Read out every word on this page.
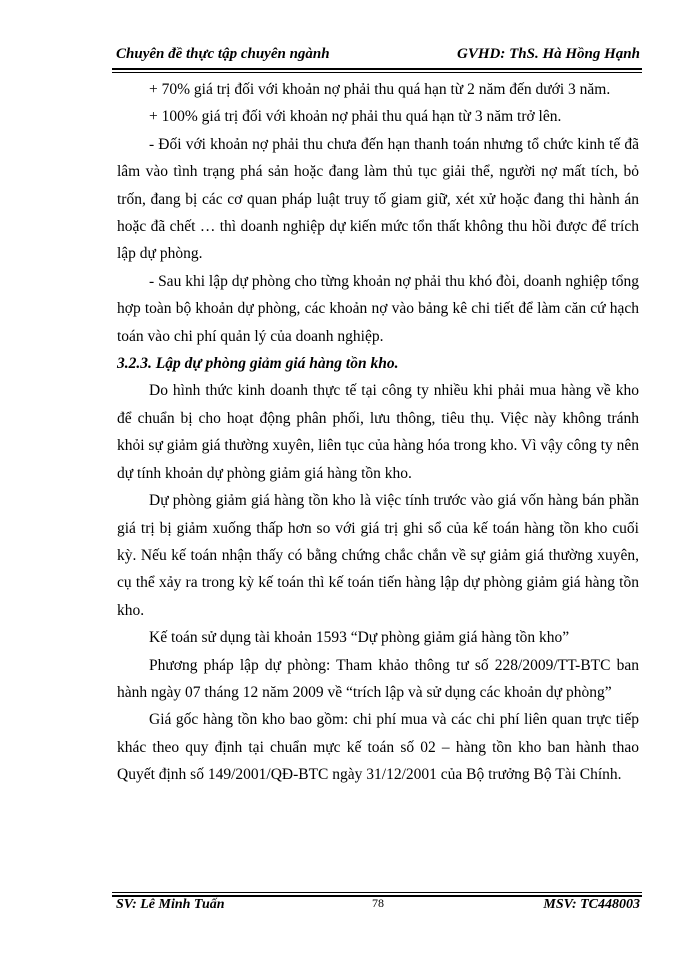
Chuyên đề thực tập chuyên ngành	GVHD: ThS. Hà Hồng Hạnh

+ 70% giá trị đối với khoản nợ phải thu quá hạn từ 2 năm đến dưới 3 năm.

+ 100% giá trị đối với khoản nợ phải thu quá hạn từ 3 năm trở lên.

- Đối với khoản nợ phải thu chưa đến hạn thanh toán nhưng tổ chức kinh tế đã lâm vào tình trạng phá sản hoặc đang làm thủ tục giải thể, người nợ mất tích, bỏ trốn, đang bị các cơ quan pháp luật truy tố giam giữ, xét xử hoặc đang thi hành án hoặc đã chết … thì doanh nghiệp dự kiến mức tổn thất không thu hồi được để trích lập dự phòng.

- Sau khi lập dự phòng cho từng khoản nợ phải thu khó đòi, doanh nghiệp tổng hợp toàn bộ khoản dự phòng, các khoản nợ vào bảng kê chi tiết để làm căn cứ hạch toán vào chi phí quản lý của doanh nghiệp.

3.2.3. Lập dự phòng giảm giá hàng tồn kho.

Do hình thức kinh doanh thực tế tại công ty nhiều khi phải mua hàng về kho để chuẩn bị cho hoạt động phân phối, lưu thông, tiêu thụ. Việc này không tránh khỏi sự giảm giá thường xuyên, liên tục của hàng hóa trong kho. Vì vậy công ty nên dự tính khoản dự phòng giảm giá hàng tồn kho.

Dự phòng giảm giá hàng tồn kho là việc tính trước vào giá vốn hàng bán phần giá trị bị giảm xuống thấp hơn so với giá trị ghi sổ của kế toán hàng tồn kho cuối kỳ. Nếu kế toán nhận thấy có bằng chứng chắc chắn về sự giảm giá thường xuyên, cụ thể xảy ra trong kỳ kế toán thì kế toán tiến hàng lập dự phòng giảm giá hàng tồn kho.

Kế toán sử dụng tài khoản 1593 “Dự phòng giảm giá hàng tồn kho”

Phương pháp lập dự phòng: Tham khảo thông tư số 228/2009/TT-BTC ban hành ngày 07 tháng 12 năm 2009 về “trích lập và sử dụng các khoản dự phòng”

Giá gốc hàng tồn kho bao gồm: chi phí mua và các chi phí liên quan trực tiếp khác theo quy định tại chuẩn mực kế toán số 02 – hàng tồn kho ban hành thao Quyết định số 149/2001/QĐ-BTC ngày 31/12/2001 của Bộ trưởng Bộ Tài Chính.

SV: Lê Minh Tuấn	78	MSV: TC448003
